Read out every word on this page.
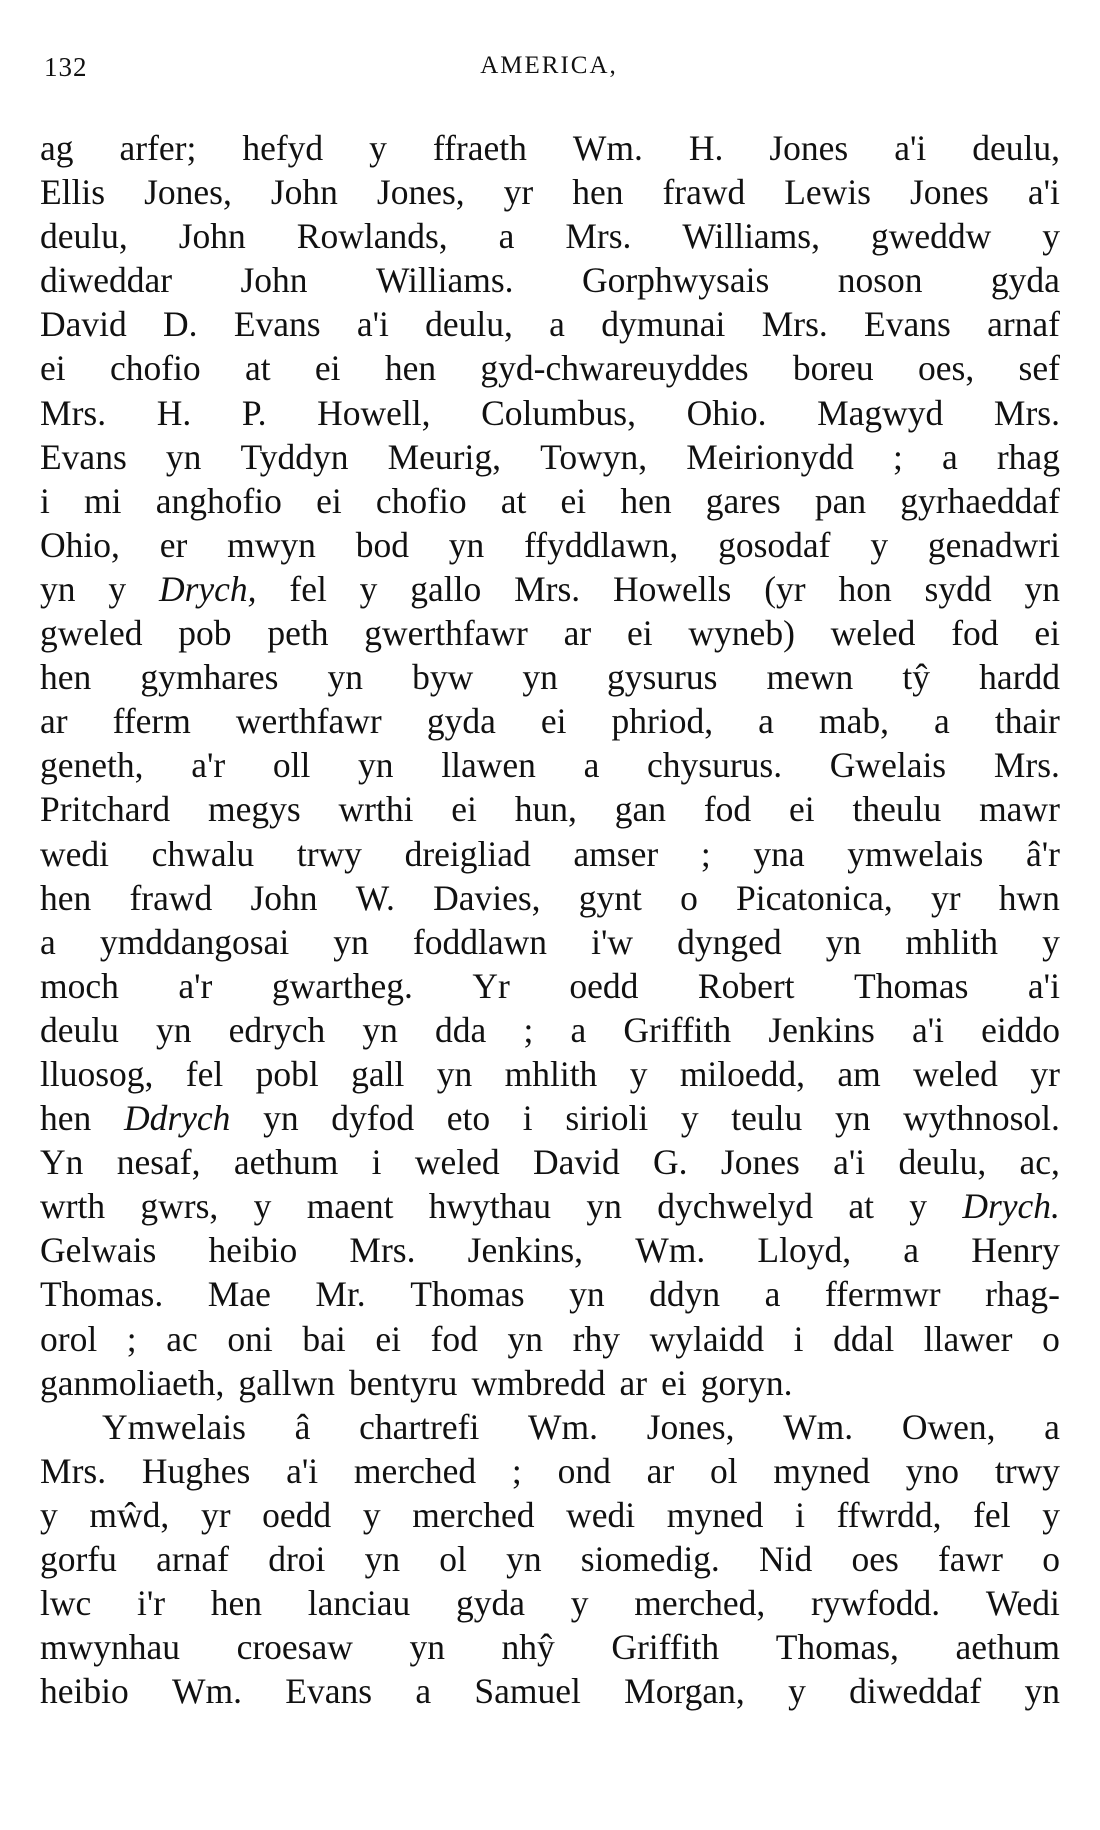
132	AMERICA,
ag arfer; hefyd y ffraeth Wm. H. Jones a'i deulu,
Ellis Jones, John Jones, yr hen frawd Lewis Jones a'i
deulu, John Rowlands, a Mrs. Williams, gweddw y
diweddar John Williams. Gorphwysais noson gyda
David D. Evans a'i deulu, a dymunai Mrs. Evans arnaf
ei chofio at ei hen gyd-chwareuyddes boreu oes, sef
Mrs. H. P. Howell, Columbus, Ohio. Magwyd Mrs.
Evans yn Tyddyn Meurig, Towyn, Meirionydd ; a rhag
i mi anghofio ei chofio at ei hen gares pan gyrhaeddaf
Ohio, er mwyn bod yn ffyddlawn, gosodaf y genadwri
yn y Drych, fel y gallo Mrs. Howells (yr hon sydd yn
gweled pob peth gwerthfawr ar ei wyneb) weled fod ei
hen gymhares yn byw yn gysurus mewn tŷ hardd
ar fferm werthfawr gyda ei phriod, a mab, a thair
geneth, a'r oll yn llawen a chysurus. Gwelais Mrs.
Pritchard megys wrthi ei hun, gan fod ei theulu mawr
wedi chwalu trwy dreigliad amser ; yna ymwelais â'r
hen frawd John W. Davies, gynt o Picatonica, yr hwn
a ymddangosai yn foddlawn i'w dynged yn mhlith y
moch a'r gwartheg. Yr oedd Robert Thomas a'i
deulu yn edrych yn dda ; a Griffith Jenkins a'i eiddo
lluosog, fel pobl gall yn mhlith y miloedd, am weled yr
hen Ddrych yn dyfod eto i sirioli y teulu yn wythnosol.
Yn nesaf, aethum i weled David G. Jones a'i deulu, ac,
wrth gwrs, y maent hwythau yn dychwelyd at y Drych.
Gelwais heibio Mrs. Jenkins, Wm. Lloyd, a Henry
Thomas. Mae Mr. Thomas yn ddyn a ffermwr rhag-
orol ; ac oni bai ei fod yn rhy wylaidd i ddal llawer o
ganmoliaeth, gallwn bentyru wmbredd ar ei goryn.
Ymwelais â chartrefi Wm. Jones, Wm. Owen, a
Mrs. Hughes a'i merched ; ond ar ol myned yno trwy
y mŵd, yr oedd y merched wedi myned i ffwrdd, fel y
gorfu arnaf droi yn ol yn siomedig. Nid oes fawr o
lwc i'r hen lanciau gyda y merched, rywfodd. Wedi
mwynhau croesaw yn nhŷ Griffith Thomas, aethum
heibio Wm. Evans a Samuel Morgan, y diweddaf yn
